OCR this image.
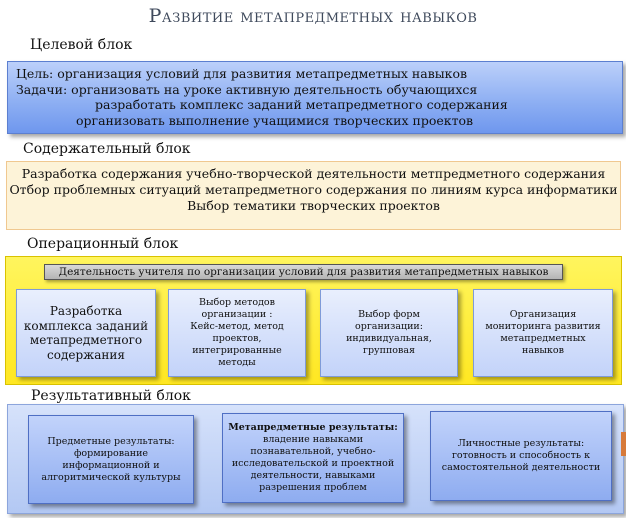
Развитие метапредметных навыков
Целевой блок
Цель: организация условий для развития метапредметных навыков
Задачи: организовать на уроке активную деятельность обучающихся
разработать комплекс заданий метапредметного содержания
организовать выполнение учащимися творческих проектов
Содержательный блок
Разработка содержания учебно-творческой деятельности метпредметного содержания
Отбор проблемных ситуаций метапредметного содержания по линиям курса информатики
Выбор тематики творческих проектов
Операционный блок
Деятельность учителя по организации условий для развития метапредметных навыков
Разработка
комплекса заданий
метапредметного
содержания
Выбор методов
организации :
Кейс-метод, метод
проектов,
интегрированные
методы
Выбор форм
организации:
индивидуальная,
групповая
Организация
мониторинга развития
метапредметных навыков
Результативный блок
Предметные результаты:
формирование
информационной и
алгоритмической культуры
Метапредметные результаты:
владение навыками
познавательной, учебно-
исследовательской и проектной
деятельности, навыками
разрешения проблем
Личностные результаты:
готовность и способность к
самостоятельной деятельности
